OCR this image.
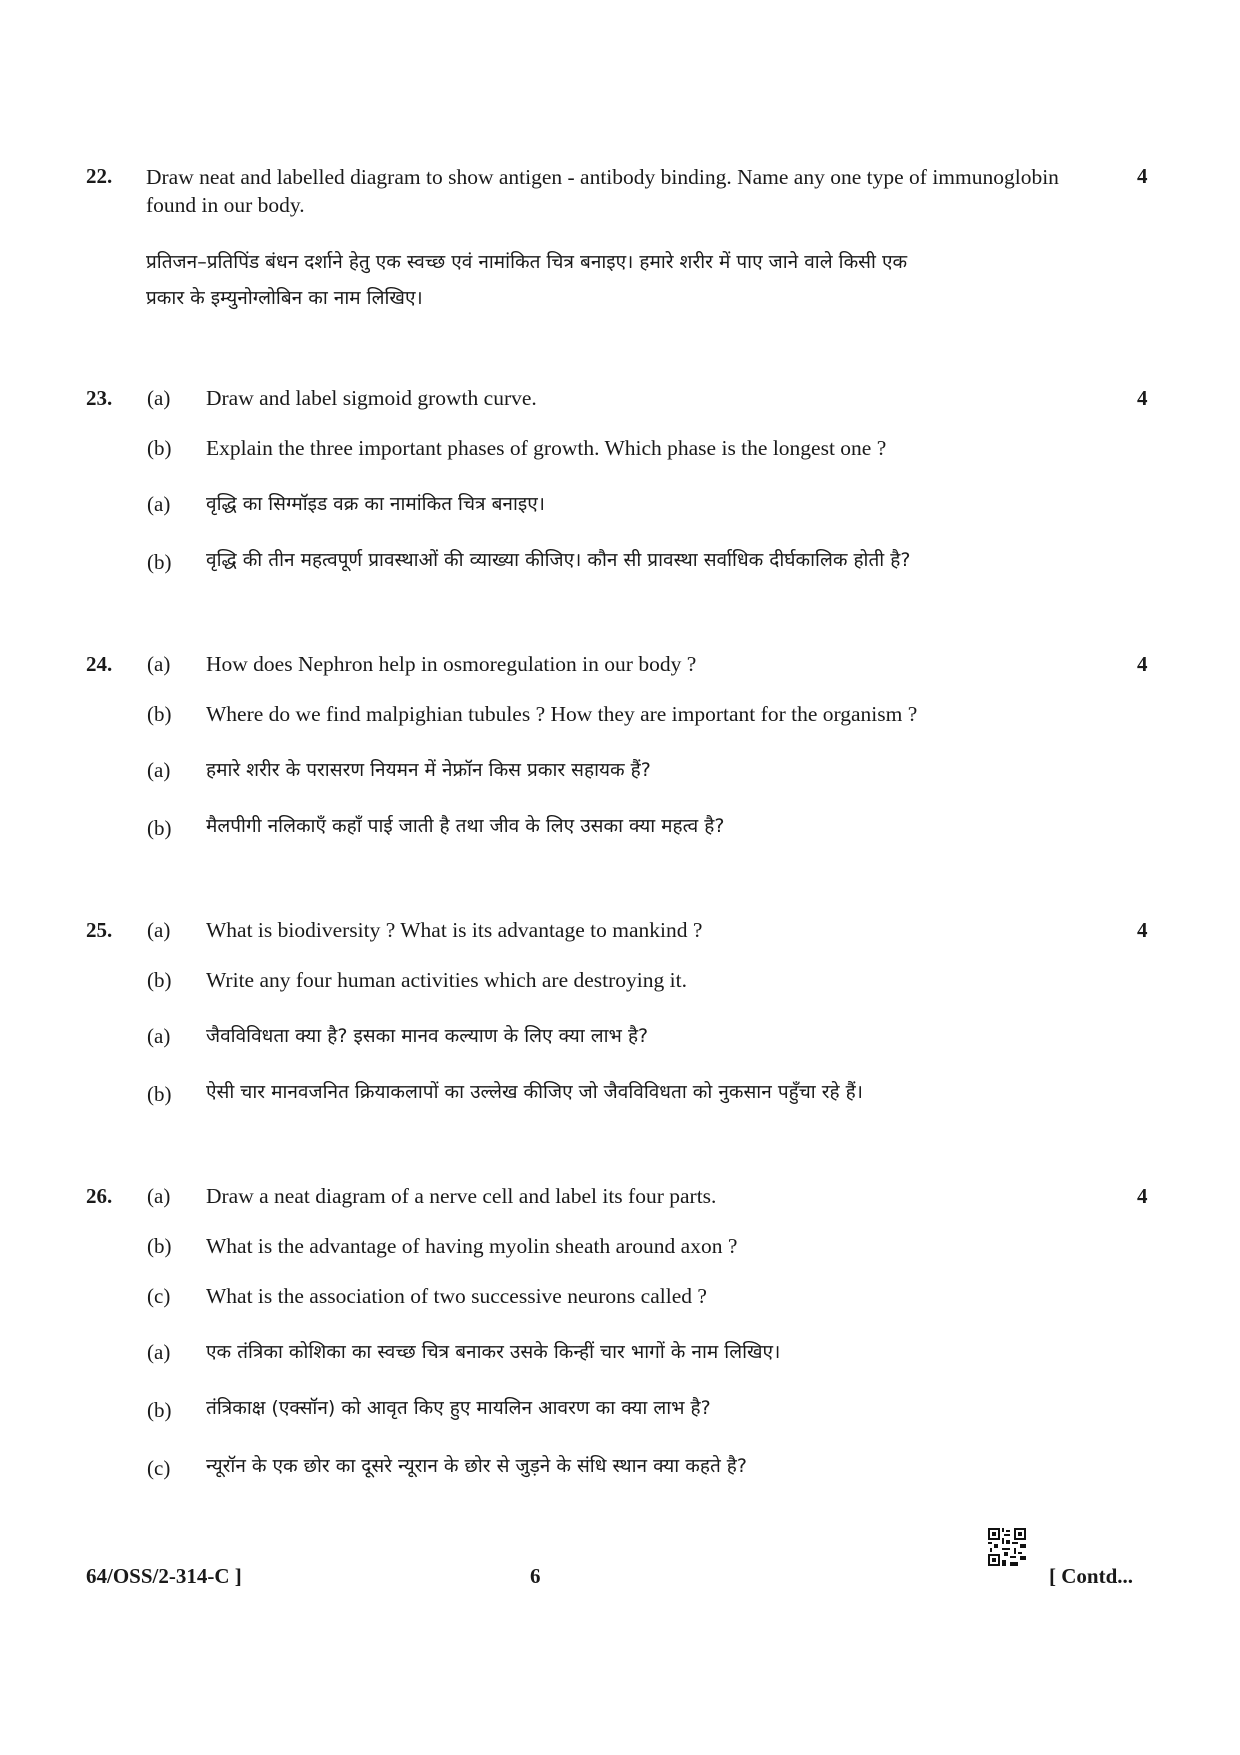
22.	4
Draw neat and labelled diagram to show antigen - antibody binding. Name any one type of immunoglobin found in our body.
प्रतिजन–प्रतिपिंड बंधन दर्शाने हेतु एक स्वच्छ एवं नामांकित चित्र बनाइए। हमारे शरीर में पाए जाने वाले किसी एक
प्रकार के इम्युनोग्लोबिन का नाम लिखिए।
23.	4
(a) Draw and label sigmoid growth curve.
(b) Explain the three important phases of growth. Which phase is the longest one ?
(a) वृद्धि का सिग्मॉइड वक्र का नामांकित चित्र बनाइए।
(b) वृद्धि की तीन महत्वपूर्ण प्रावस्थाओं की व्याख्या कीजिए। कौन सी प्रावस्था सर्वाधिक दीर्घकालिक होती है?
24.	4
(a) How does Nephron help in osmoregulation in our body ?
(b) Where do we find malpighian tubules ? How they are important for the organism ?
(a) हमारे शरीर के परासरण नियमन में नेफ्रॉन किस प्रकार सहायक हैं?
(b) मैलपीगी नलिकाएँ कहाँ पाई जाती है तथा जीव के लिए उसका क्या महत्व है?
25.	4
(a) What is biodiversity ? What is its advantage to mankind ?
(b) Write any four human activities which are destroying it.
(a) जैवविविधता क्या है? इसका मानव कल्याण के लिए क्या लाभ है?
(b) ऐसी चार मानवजनित क्रियाकलापों का उल्लेख कीजिए जो जैवविविधता को नुकसान पहुँचा रहे हैं।
26.	4
(a) Draw a neat diagram of a nerve cell and label its four parts.
(b) What is the advantage of having myolin sheath around axon ?
(c) What is the association of two successive neurons called ?
(a) एक तंत्रिका कोशिका का स्वच्छ चित्र बनाकर उसके किन्हीं चार भागों के नाम लिखिए।
(b) तंत्रिकाक्ष (एक्सॉन) को आवृत किए हुए मायलिन आवरण का क्या लाभ है?
(c) न्यूरॉन के एक छोर का दूसरे न्यूरान के छोर से जुड़ने के संधि स्थान क्या कहते है?
64/OSS/2-314-C ]	6	[ Contd...
